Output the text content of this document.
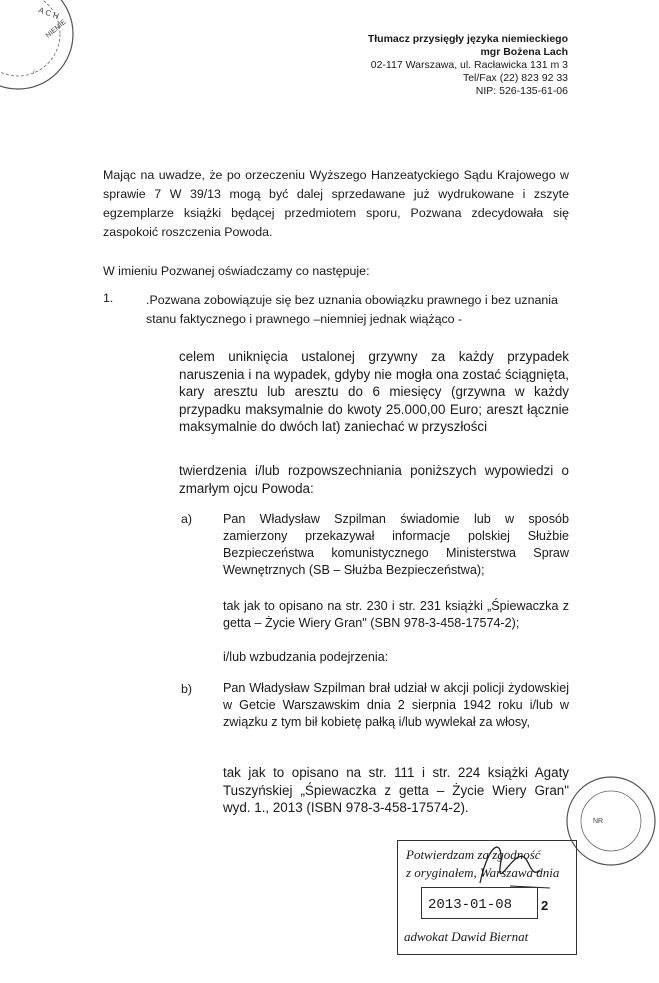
A C H
NIEMIE
/
Tłumacz przysięgły języka niemieckiego
mgr Bożena Lach
02-117 Warszawa, ul. Racławicka 131 m 3
Tel/Fax (22) 823 92 33
NIP: 526-135-61-06
Mając na uwadze, że po orzeczeniu Wyższego Hanzeatyckiego Sądu Krajowego w sprawie 7 W 39/13 mogą być dalej sprzedawane już wydrukowane i zszyte egzemplarze książki będącej przedmiotem sporu, Pozwana zdecydowała się zaspokoić roszczenia Powoda.
W imieniu Pozwanej oświadczamy co następuje:
1.	.Pozwana zobowiązuje się bez uznania obowiązku prawnego i bez uznania stanu faktycznego i prawnego –niemniej jednak wiążąco -
celem uniknięcia ustalonej grzywny za każdy przypadek naruszenia i na wypadek, gdyby nie mogła ona zostać ściągnięta, kary aresztu lub aresztu do 6 miesięcy (grzywna w każdy przypadku maksymalnie do kwoty 25.000,00 Euro; areszt łącznie maksymalnie do dwóch lat) zaniechać w przyszłości
twierdzenia i/lub rozpowszechniania poniższych wypowiedzi o zmarłym ojcu Powoda:
a) Pan Władysław Szpilman świadomie lub w sposób zamierzony przekazywał informacje polskiej Służbie Bezpieczeństwa komunistycznego Ministerstwa Spraw Wewnętrznych (SB – Służba Bezpieczeństwa);
tak jak to opisano na str. 230 i str. 231 książki „Śpiewaczka z getta – Życie Wiery Gran" (SBN 978-3-458-17574-2);
i/lub wzbudzania podejrzenia:
b) Pan Władysław Szpilman brał udział w akcji policji żydowskiej w Getcie Warszawskim dnia 2 sierpnia 1942 roku i/lub w związku z tym bił kobietę pałką i/lub wywlekał za włosy,
tak jak to opisano na str. 111 i str. 224 książki Agaty Tuszyńskiej „Śpiewaczka z getta – Życie Wiery Gran" wyd. 1., 2013 (ISBN 978-3-458-17574-2).
NR
Potwierdzam za zgodność
z oryginałem, Warszawa dnia
2013-01-08
adwokat Dawid Biernat
2
